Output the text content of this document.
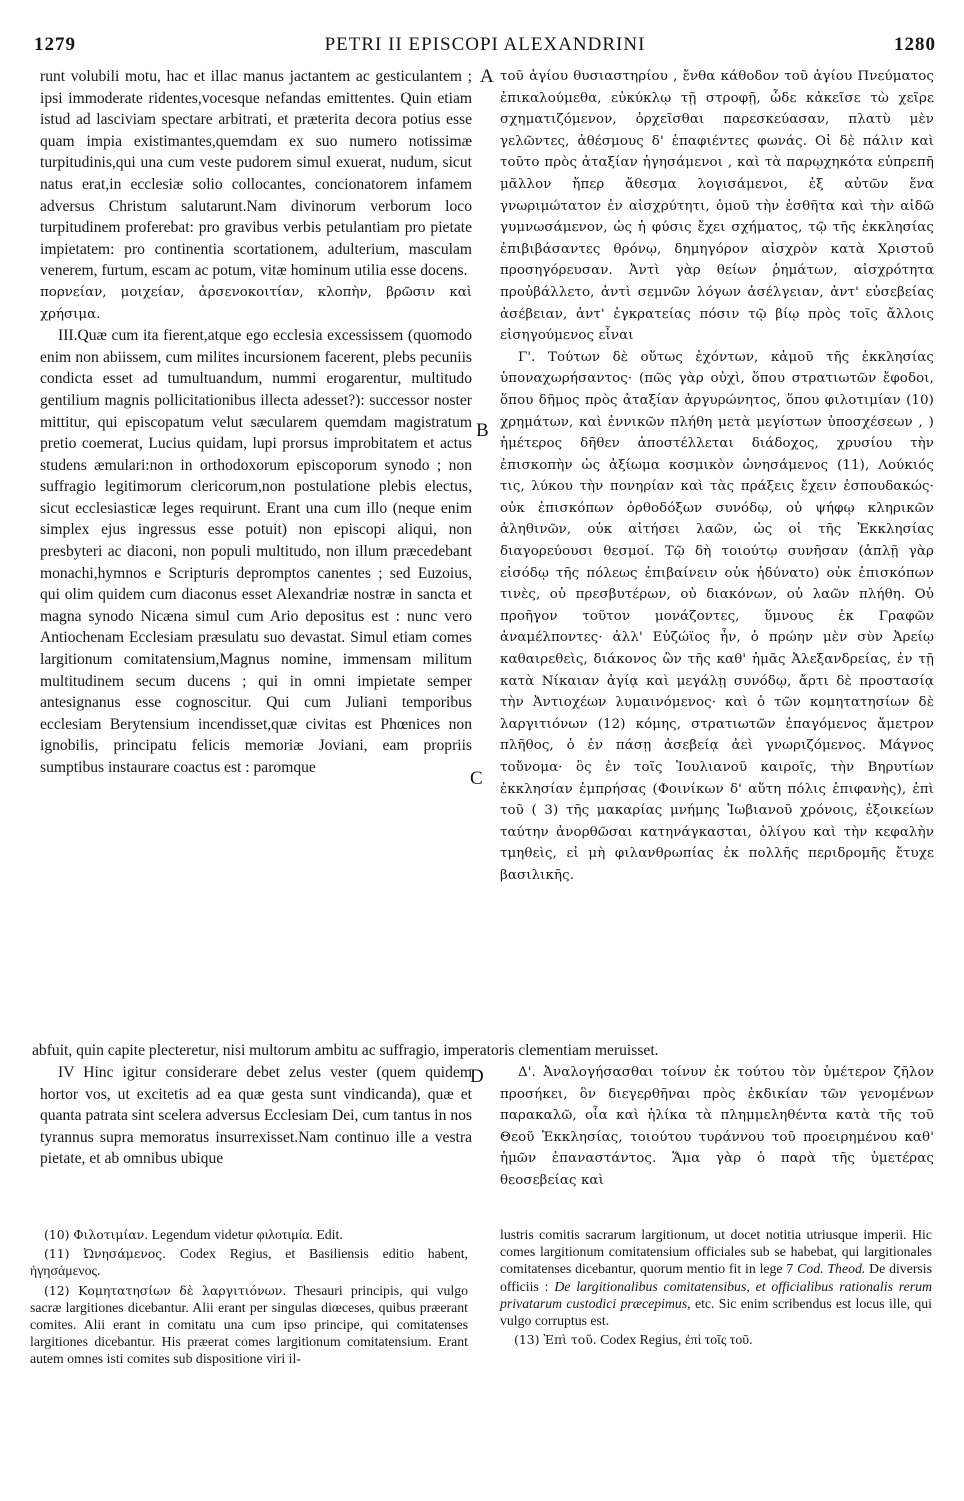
1279	PETRI II EPISCOPI ALEXANDRINI	1280
A
B
C
D

runt volubili motu, hac et illac manus jactantem ac gesticulantem ; ipsi immoderate ridentes,vocesque nefandas emittentes. Quin etiam istud ad lasciviam spectare arbitrati, et præterita decora potius esse quam impia existimantes,quemdam ex suo numero notissimæ turpitudinis,qui una cum veste pudorem simul exuerat, nudum, sicut natus erat,in ecclesiæ solio collocantes, concionatorem infamem adversus Christum salutarunt.Nam divinorum verborum loco turpitudinem proferebat: pro gravibus verbis petulantiam pro pietate impietatem: pro continentia scortationem, adulterium, masculam venerem, furtum, escam ac potum, vitæ hominum utilia esse docens.

πορνείαν, μοιχείαν, ἀρσενοκοιτίαν, κλοπὴν, βρῶσιν καὶ χρήσιμα.

III.Quæ cum ita fierent,atque ego ecclesia excessissem (quomodo enim non abiissem, cum milites incursionem facerent, plebs pecuniis condicta esset ad tumultuandum, nummi erogarentur, multitudo gentilium magnis pollicitationibus illecta adesset?): successor noster mittitur, qui episcopatum velut sæcularem quemdam magistratum pretio coemerat, Lucius quidam, lupi prorsus improbitatem et actus studens æmulari:non in orthodoxorum episcoporum synodo ; non suffragio legitimorum clericorum,non postulatione plebis electus, sicut ecclesiasticæ leges requirunt. Erant una cum illo (neque enim simplex ejus ingressus esse potuit) non episcopi aliqui, non presbyteri ac diaconi, non populi multitudo, non illum præcedebant monachi,hymnos e Scripturis depromptos canentes ; sed Euzoius, qui olim quidem cum diaconus esset Alexandriæ nostræ in sancta et magna synodo Nicæna simul cum Ario depositus est : nunc vero Antiochenam Ecclesiam præsulatu suo devastat. Simul etiam comes largitionum comitatensium,Magnus nomine, immensam militum multitudinem secum ducens ; qui in omni impietate semper antesignanus esse cognoscitur. Qui cum Juliani temporibus ecclesiam Berytensium incendisset,quæ civitas est Phœnices non ignobilis, principatu felicis memoriæ Joviani, eam propriis sumptibus instaurare coactus est : paromque

τοῦ ἁγίου θυσιαστηρίου , ἔνθα κάθοδον τοῦ ἁγίου Πνεύματος ἐπικαλούμεθα, εὐκύκλῳ τῇ στροφῇ, ὧδε κἀκεῖσε τὼ χεῖρε σχηματιζόμενον, ὀρχεῖσθαι παρεσκεύασαν, πλατὺ μὲν γελῶντες, ἀθέσμους δ' ἐπαφιέντες φωνάς. Οἱ δὲ πάλιν καὶ τοῦτο πρὸς ἀταξίαν ἡγησάμενοι , καὶ τὰ παρῳχηκότα εὐπρεπῆ μᾶλλον ἤπερ ἄθεσμα λογισάμενοι, ἐξ αὐτῶν ἕνα γνωριμώτατον ἐν αἰσχρύτητι, ὁμοῦ τὴν ἐσθῆτα καὶ τὴν αἰδῶ γυμνωσάμενον, ὡς ἡ φύσις ἔχει σχήματος, τῷ τῆς ἐκκλησίας ἐπιβιβάσαντες θρόνῳ, δημηγόρον αἰσχρὸν κατὰ Χριστοῦ προσηγόρευσαν. Ἀντὶ γὰρ θείων ῥημάτων, αἰσχρότητα προὐβάλλετο, ἀντὶ σεμνῶν λόγων ἀσέλγειαν, ἀντ' εὐσεβείας ἀσέβειαν, ἀντ' ἐγκρατείας πόσιν τῷ βίῳ πρὸς τοῖς ἄλλοις εἰσηγούμενος εἶναι

Γ'. Τούτων δὲ οὕτως ἐχόντων, κἀμοῦ τῆς ἐκκλησίας ὑποναχωρήσαντος· (πῶς γὰρ οὐχὶ, ὅπου στρατιωτῶν ἔφοδοι, ὅπου δῆμος πρὸς ἀταξίαν ἀργυρώνητος, ὅπου φιλοτιμίαν (10) χρημάτων, καὶ ἐννικῶν πλήθη μετὰ μεγίστων ὑποσχέσεων , ) ἡμέτερος δῆθεν ἀποστέλλεται διάδοχος, χρυσίου τὴν ἐπισκοπὴν ὡς ἀξίωμα κοσμικὸν ὠνησάμενος (11), Λούκιός τις, λύκου τὴν πονηρίαν καὶ τὰς πράξεις ἔχειν ἐσπουδακώς· οὐκ ἐπισκόπων ὀρθοδόξων συνόδῳ, οὐ ψήφῳ κληρικῶν ἀληθινῶν, οὐκ αἰτήσει λαῶν, ὡς οἱ τῆς Ἐκκλησίας διαγορεύουσι θεσμοί. Τῷ δὴ τοιούτῳ συνῆσαν (ἁπλῇ γὰρ εἰσόδῳ τῆς πόλεως ἐπιβαίνειν οὐκ ἠδύνατο) οὐκ ἐπισκόπων τινὲς, οὐ πρεσβυτέρων, οὐ διακόνων, οὐ λαῶν πλήθη. Οὐ προῆγον τοῦτον μονάζοντες, ὕμνους ἐκ Γραφῶν ἀναμέλποντες· ἀλλ' Εὐζώϊος ἦν, ὁ πρώην μὲν σὺν Ἀρείῳ καθαιρεθεὶς, διάκονος ὢν τῆς καθ' ἡμᾶς Ἀλεξανδρείας, ἐν τῇ κατὰ Νίκαιαν ἁγίᾳ καὶ μεγάλῃ συνόδῳ, ἄρτι δὲ προστασίᾳ τὴν Ἀντιοχέων λυμαινόμενος· καὶ ὁ τῶν κομητατησίων δὲ λαργιτιόνων (12) κόμης, στρατιωτῶν ἐπαγόμενος ἄμετρον πλῆθος, ὁ ἐν πάσῃ ἀσεβείᾳ ἀεὶ γνωριζόμενος. Μάγνος τοὔνομα· ὃς ἐν τοῖς Ἰουλιανοῦ καιροῖς, τὴν Βηρυτίων ἐκκλησίαν ἐμπρήσας (Φοινίκων δ' αὕτη πόλις ἐπιφανὴς), ἐπὶ τοῦ ( 3) τῆς μακαρίας μνήμης Ἰωβιανοῦ χρόνοις, ἐξοικείων ταύτην ἀνορθῶσαι κατηνάγκασται, ὀλίγου καὶ τὴν κεφαλὴν τμηθεὶς, εἰ μὴ φιλανθρωπίας ἐκ πολλῆς περιδρομῆς ἔτυχε βασιλικῆς.

abfuit, quin capite plecteretur, nisi multorum ambitu ac suffragio, imperatoris clementiam meruisset.

IV Hinc igitur considerare debet zelus vester (quem quidem hortor vos, ut excitetis ad ea quæ gesta sunt vindicanda), quæ et quanta patrata sint scelera adversus Ecclesiam Dei, cum tantus in nos tyrannus supra memoratus insurrexisset.Nam continuo ille a vestra pietate, et ab omnibus ubique

Δ'. Ἀναλογήσασθαι τοίνυν ἐκ τούτου τὸν ὑμέτερον ζῆλον προσήκει, ὃν διεγερθῆναι πρὸς ἐκδικίαν τῶν γενομένων παρακαλῶ, οἷα καὶ ἡλίκα τὰ πλημμεληθέντα κατὰ τῆς τοῦ Θεοῦ Ἐκκλησίας, τοιούτου τυράννου τοῦ προειρημένου καθ' ἡμῶν ἐπαναστάντος. Ἅμα γὰρ ὁ παρὰ τῆς ὑμετέρας θεοσεβείας καὶ

(10) Φιλοτιμίαν. Legendum videtur φιλοτιμία. Edit.

(11) Ὠνησάμενος. Codex Regius, et Basiliensis editio habent, ἡγησάμενος.

(12) Κομητατησίων δὲ λαργιτιόνων. Thesauri principis, qui vulgo sacræ largitiones dicebantur. Alii erant per singulas diœceses, quibus præerant comites. Alii erant in comitatu una cum ipso principe, qui comitatenses largitiones dicebantur. His præerat comes largitionum comitatensium. Erant autem omnes isti comites sub dispositione viri il-

lustris comitis sacrarum largitionum, ut docet notitia utriusque imperii. Hic comes largitionum comitatensium officiales sub se habebat, qui largitionales comitatenses dicebantur, quorum mentio fit in lege 7 Cod. Theod. De diversis officiis : De largitionalibus comitatensibus, et officialibus rationalis rerum privatarum custodici præcepimus, etc. Sic enim scribendus est locus ille, qui vulgo corruptus est.

(13) Ἐπὶ τοῦ. Codex Regius, ἐπὶ τοῖς τοῦ.
